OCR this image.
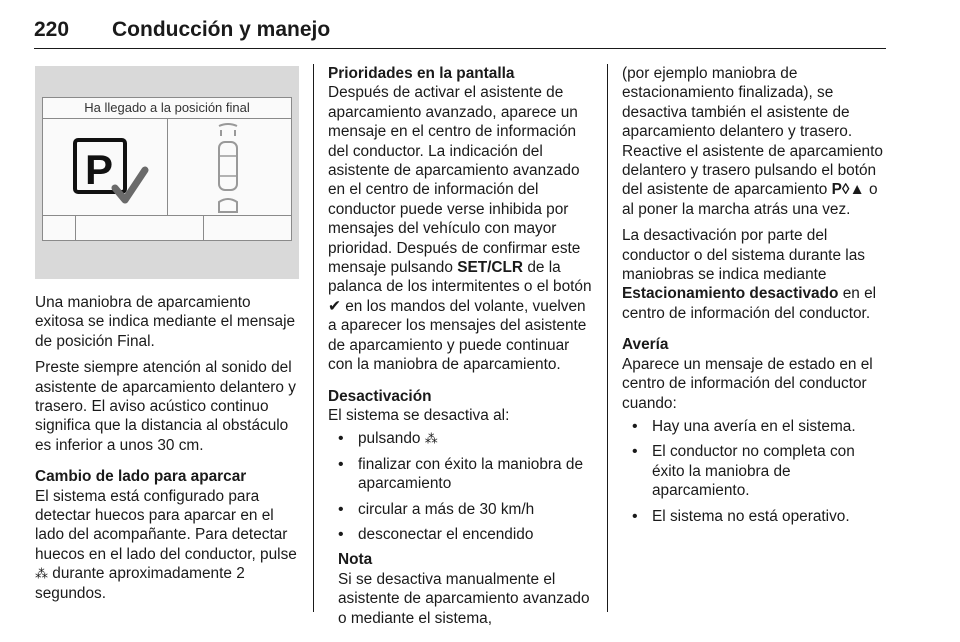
220 Conducción y manejo
Ha llegado a la posición final
P

Una maniobra de aparcamiento exitosa se indica mediante el mensaje de posición Final.

Preste siempre atención al sonido del asistente de aparcamiento delantero y trasero. El aviso acústico continuo significa que la distancia al obstáculo es inferior a unos 30 cm.

Cambio de lado para aparcar

El sistema está configurado para detectar huecos para aparcar en el lado del acompañante. Para detectar huecos en el lado del conductor, pulse ⁂ durante aproximadamente 2 segundos.

Prioridades en la pantalla

Después de activar el asistente de aparcamiento avanzado, aparece un mensaje en el centro de información del conductor. La indicación del asistente de aparcamiento avanzado en el centro de información del conductor puede verse inhibida por mensajes del vehículo con mayor prioridad. Después de confirmar este mensaje pulsando SET/CLR de la palanca de los intermitentes o el botón ✔ en los mandos del volante, vuelven a aparecer los mensajes del asistente de aparcamiento y puede continuar con la maniobra de aparcamiento.

Desactivación

El sistema se desactiva al:

• pulsando ⁂
• finalizar con éxito la maniobra de aparcamiento
• circular a más de 30 km/h
• desconectar el encendido

Nota

Si se desactiva manualmente el asistente de aparcamiento avanzado o mediante el sistema,

(por ejemplo maniobra de estacionamiento finalizada), se desactiva también el asistente de aparcamiento delantero y trasero. Reactive el asistente de aparcamiento delantero y trasero pulsando el botón del asistente de aparcamiento P◊▲ o al poner la marcha atrás una vez.

La desactivación por parte del conductor o del sistema durante las maniobras se indica mediante Estacionamiento desactivado en el centro de información del conductor.

Avería

Aparece un mensaje de estado en el centro de información del conductor cuando:

• Hay una avería en el sistema.
• El conductor no completa con éxito la maniobra de aparcamiento.
• El sistema no está operativo.
